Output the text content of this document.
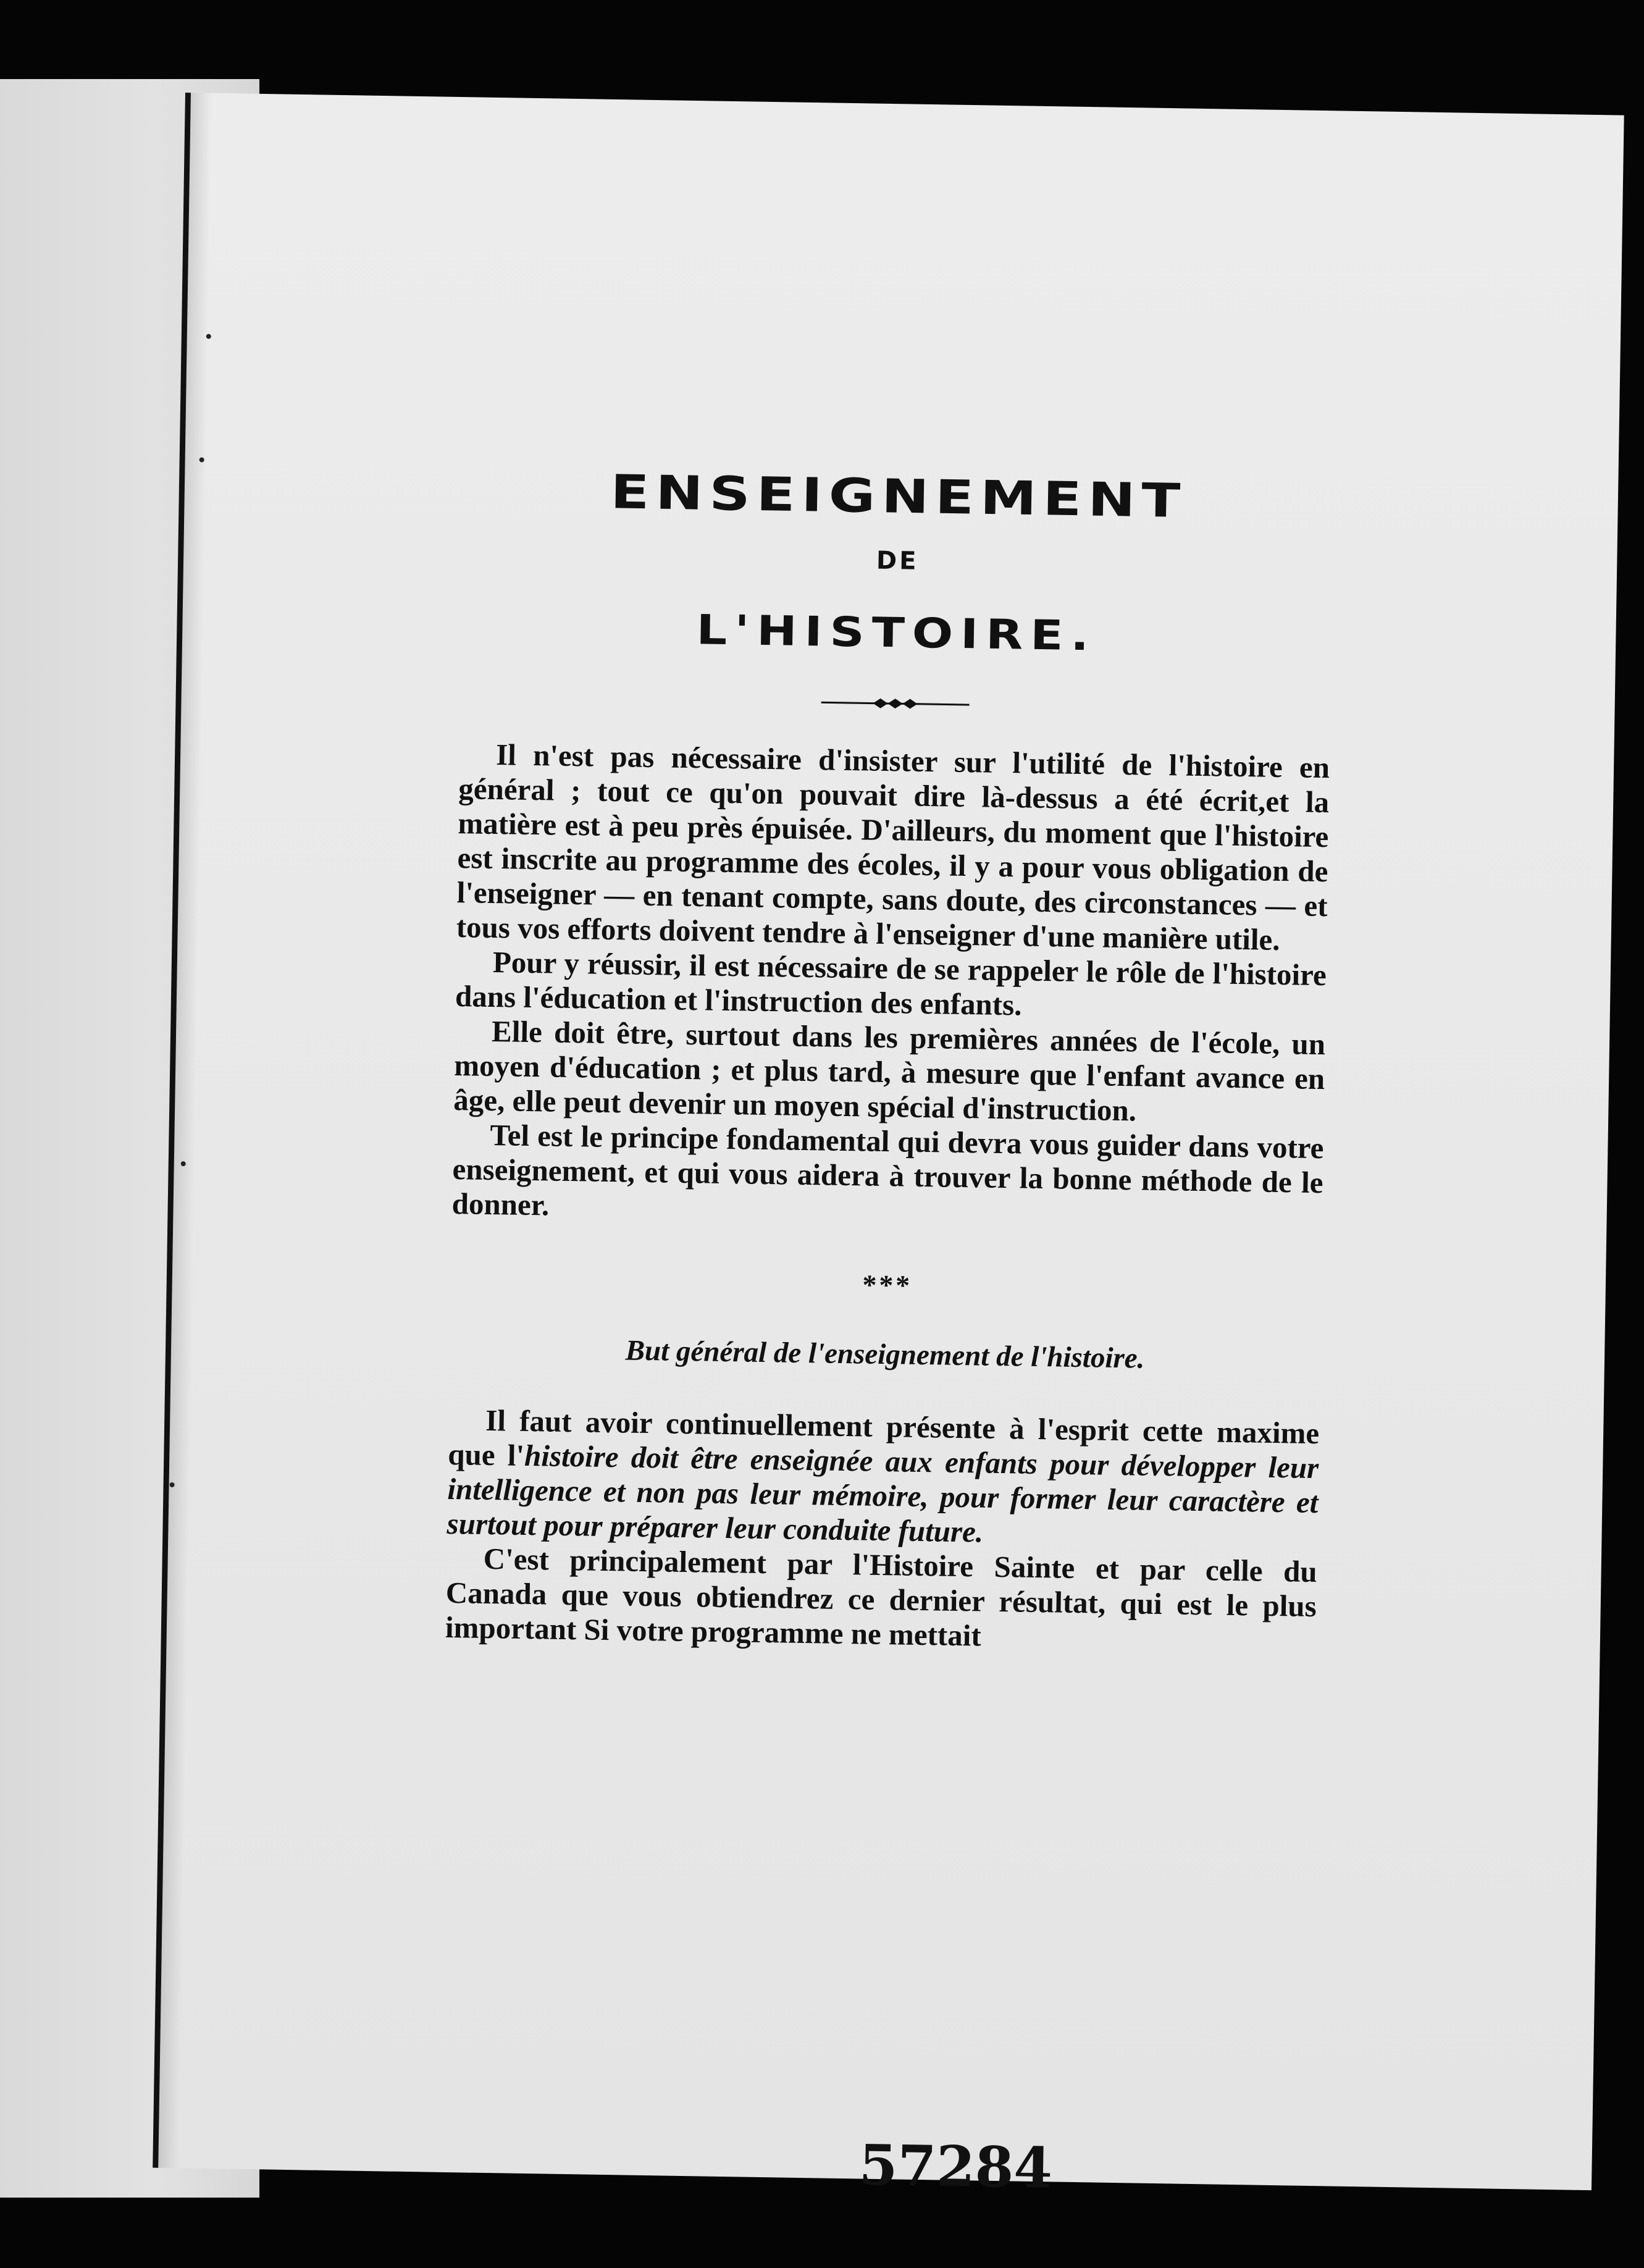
ENSEIGNEMENT
DE
L'HISTOIRE.

Il n'est pas nécessaire d'insister sur l'utilité de l'histoire en général ; tout ce qu'on pouvait dire là-dessus a été écrit,et la matière est à peu près épuisée. D'ailleurs, du moment que l'histoire est inscrite au programme des écoles, il y a pour vous obligation de l'enseigner — en tenant compte, sans doute, des circonstances — et tous vos efforts doivent tendre à l'enseigner d'une manière utile.

Pour y réussir, il est nécessaire de se rappeler le rôle de l'histoire dans l'éducation et l'instruction des enfants.

Elle doit être, surtout dans les premières années de l'école, un moyen d'éducation ; et plus tard, à mesure que l'enfant avance en âge, elle peut devenir un moyen spécial d'instruction.

Tel est le principe fondamental qui devra vous guider dans votre enseignement, et qui vous aidera à trouver la bonne méthode de le donner.

* * *
But général de l'enseignement de l'histoire.

Il faut avoir continuellement présente à l'esprit cette maxime que l'histoire doit être enseignée aux enfants pour développer leur intelligence et non pas leur mémoire, pour former leur caractère et surtout pour préparer leur conduite future.

C'est principalement par l'Histoire Sainte et par celle du Canada que vous obtiendrez ce dernier résultat, qui est le plus important Si votre programme ne mettait

57284
